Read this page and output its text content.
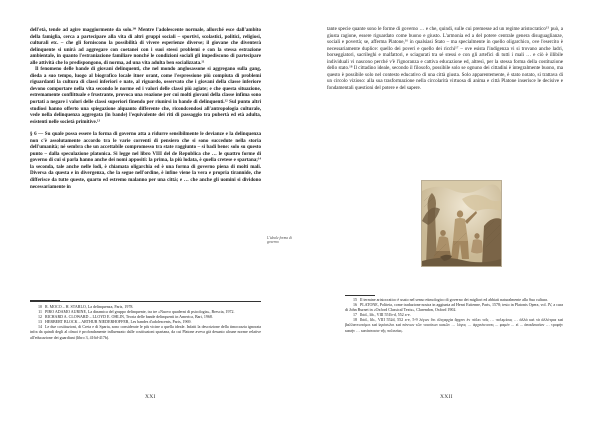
dell'età, tende ad agire maggiormente da solo.¹⁰ Mentre l'adolescente normale, allorché esce dall'ambito della famiglia, cerca a partecipare alla vita di altri gruppi sociali – sportivi, scolastici, politici, religiosi, culturali etc. – che gli forniscono la possibilità di vivere esperienze diverse; il giovane che diventerà delinquente si unirà ad aggregare con coetanei con i suoi stessi problemi e con la stessa estrazione ambientale, in quanto l'estraniazione familiare nonché le condizioni sociali gli impediscono di partecipare alle attività che lo predispongono, di norma, ad una vita adulta ben socializzata.¹¹

Il fenomeno delle bande di giovani delinquenti, che nel mondo anglosassone si aggregano sulla gang, dieda a suo tempo, luogo al biografico locale itner orant, come l'espressione più compiuta di problemi riguardanti la cultura di classi inferiori e nate, al riguardo, osservato che i giovani della classe inferiore devono comportare nella vita secondo le norme ed i valori delle classi più agiate; e che questa situazione, estremamente conflittuale e frustrante, provoca una reazione per cui molti giovani della classe infima sono portati a negare i valori delle classi superiori finendo per riunirsi in bande di delinquenti.¹² Sul punto altri studiosi hanno offerto una spiegazione alquanto differente che, ricondcendosi all'antropologia culturale, vede nella delinquenza aggregata (in bande) l'equivalente dei riti di passaggio tra pubertà ed età adulta, esistenti nelle società primitive.¹³

§ 6 — Su quale possa essere la forma di governo atta a ridurre sensibilmente le devianze e la delinquenza non c'è assolutamente accordo tra le varie correnti di pensiero che si sono succedute nella storia dell'umanità; né sembra che un accettabile compromesso tra state raggiunto – si badi bene: solo su questo punto – dalla speculazione platonica. Si legge nel libro VIII del de Republica che … le quattro forme di governo di cui si parla hanno anche dei nomi appositi: la prima, la più lodata, è quella cretese e spartana;¹⁴ la seconda, tale anche nelle lodi, è chiamata oligarchia ed è una forma di governo piena di molti mali. Diversa da questa e in divergenza, che la segue nell'ordine, è infine viene la vera e propria tirannide, che differisce da tutte queste, quarto ed estremo malanno per una città; e … che anche gli uomini si dividono necessariamente in

L'ideale forma di governo
10 R. MOCO – H. STARLO, La delinquenza, Paris, 1978.
11 PIRO ADAMO AURINE, La dinamica del gruppo delinquente, tra tre «Nuovo quaderni di psicologia», Brescia, 1972.
12 RICHARD A. CLOWARD – LLOYD E. OHLIN, Teoria delle bande delinquenti in America, Bari, 1968.
13 HERBERT BLOCK – ARTHUR NIEDERHOFFER, Les bandes d'adolescents, Paris, 1969.
14 Le due costituzioni, di Creta e di Sparta, sono considerate le più vicine a quella ideale. Infatti la descrizione della timocrazia ignorata infra da quindi degli al olmoi è profondamente influenzato dalle costituzioni spartana, da cui Platone aveva già desunto alcune norme relative all'educazione dei guardiani (libro 3, 416d-417b).
XXI

tante specie quante sono le forme di governo … e che, quindi, sulle cui premesse ad un regime aristocratico¹⁵ può, a giusta ragione, essere riguardato come buono e giusto. L'armonia ed a del potere centrale genera disuguaglianze, sociali e povertà; se, afferma Platone,¹⁶ in qualsiasi Stato – ma specialmente in quello oligarchico, ove l'esercito è necessariamente duplice: quello dei poveri e quello dei ricchi¹⁷ – ove esista l'indigenza vi si trovano anche ladri, borseggiatori, sacrileghi e malfattori, e sciagurati tra sé stessi e con gli artefici di tutti i mali … e ciò è illibile individuali vi nascono perché v'è l'ignoranza e cattiva educazione ed, altresì, per la stessa forma della costituzione dello stato.¹⁸ Il cittadino ideale, secondo il filosofo, possibile solo se ognuno dei cittadini è integralmente buono, ma questo è possibile solo nel contesto educativo di una città giusta. Solo apparentemente, è stato notato, si trattava di un circolo vizioso: alla sua trasformazione nella circolarità virtuosa di anima e città Platone inserisce le decisive e fondamentali questioni del potere e del sapere.

15 Il termine aristocratico è usato nel senso etimologico di governo dei migliori ed abbiati naturalmente alla Sua cultura.
16 PLATONE, Politeia, come traduzione nostra in aggiunta ad Henri Estienne, Paris, 1578; testo in Platonis Opera, vol. IV, a cura di John Burnet in «Oxford Classical Texts», Clarendon, Oxford 1902.
17 Ibid., lib., VIII 551b-d, 552 a-e.
18 Ibid., lib., VIII 552d, 552 a-e, 5-9 λέγων ὅτι ὀλιγαρχία ἄρχειν ἐν πόλει τοῖς … πολεμίους … ἀλλὰ καὶ τὰ ἀλλότρια καὶ βαλλαντιοτόμοι καὶ ἱερόσυλοι καὶ πάντων τῶν τοιούτων κακῶν … λόγος … ἀρχιτέκτονες ... φαμέν ... εἰ ... ἀπαιδευσίαν … τροφὴν κακὴν … κατάστασιν τῆς πολιτείας.
XXII
